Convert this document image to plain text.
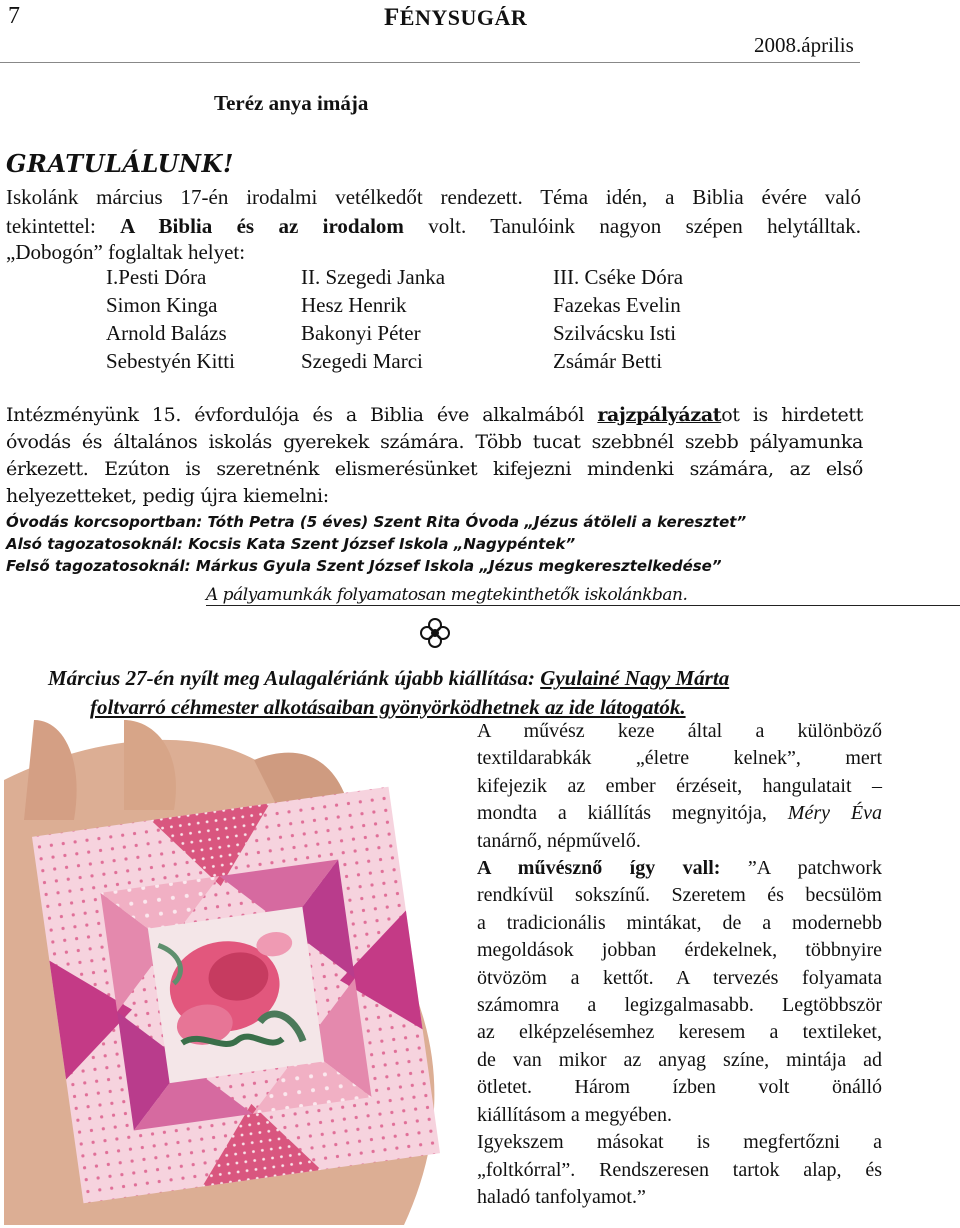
7	FÉNYSUGÁR
2008.április
Teréz anya imája
GRATULÁLUNK!
Iskolánk március 17-én irodalmi vetélkedőt rendezett. Téma idén, a Biblia évére való
tekintettel: A Biblia és az irodalom volt. Tanulóink nagyon szépen helytálltak.
„Dobogón” foglaltak helyet:
I.Pesti Dóra	II. Szegedi Janka	III. Cséke Dóra
Simon Kinga	Hesz Henrik	Fazekas Evelin
Arnold Balázs	Bakonyi Péter	Szilvácsku Isti
Sebestyén Kitti	Szegedi Marci	Zsámár Betti
Intézményünk 15. évfordulója és a Biblia éve alkalmából rajzpályázatot is hirdetett
óvodás és általános iskolás gyerekek számára. Több tucat szebbnél szebb pályamunka
érkezett. Ezúton is szeretnénk elismerésünket kifejezni mindenki számára, az első
helyezetteket, pedig újra kiemelni:
Óvodás korcsoportban: Tóth Petra (5 éves) Szent Rita Óvoda „Jézus átöleli a keresztet”
Alsó tagozatosoknál: Kocsis Kata Szent József Iskola „Nagypéntek”
Felső tagozatosoknál: Márkus Gyula Szent József Iskola „Jézus megkeresztelkedése”
A pályamunkák folyamatosan megtekinthetők iskolánkban.
Március 27-én nyílt meg Aulagalériánk újabb kiállítása: Gyulainé Nagy Márta
foltvarró céhmester alkotásaiban gyönyörködhetnek az ide látogatók.
A művész keze által a különböző
textildarabkák „életre kelnek”, mert
kifejezik az ember érzéseit, hangulatait –
mondta a kiállítás megnyitója, Méry Éva
tanárnő, népművelő.
A művésznő így vall: ”A patchwork
rendkívül sokszínű. Szeretem és becsülöm
a tradicionális mintákat, de a modernebb
megoldások jobban érdekelnek, többnyire
ötvözöm a kettőt. A tervezés folyamata
számomra a legizgalmasabb. Legtöbbször
az elképzelésemhez keresem a textileket,
de van mikor az anyag színe, mintája ad
ötletet. Három ízben volt önálló
kiállításom a megyében.
Igyekszem másokat is megfertőzni a
„foltkórral”. Rendszeresen tartok alap, és
haladó tanfolyamot.”
